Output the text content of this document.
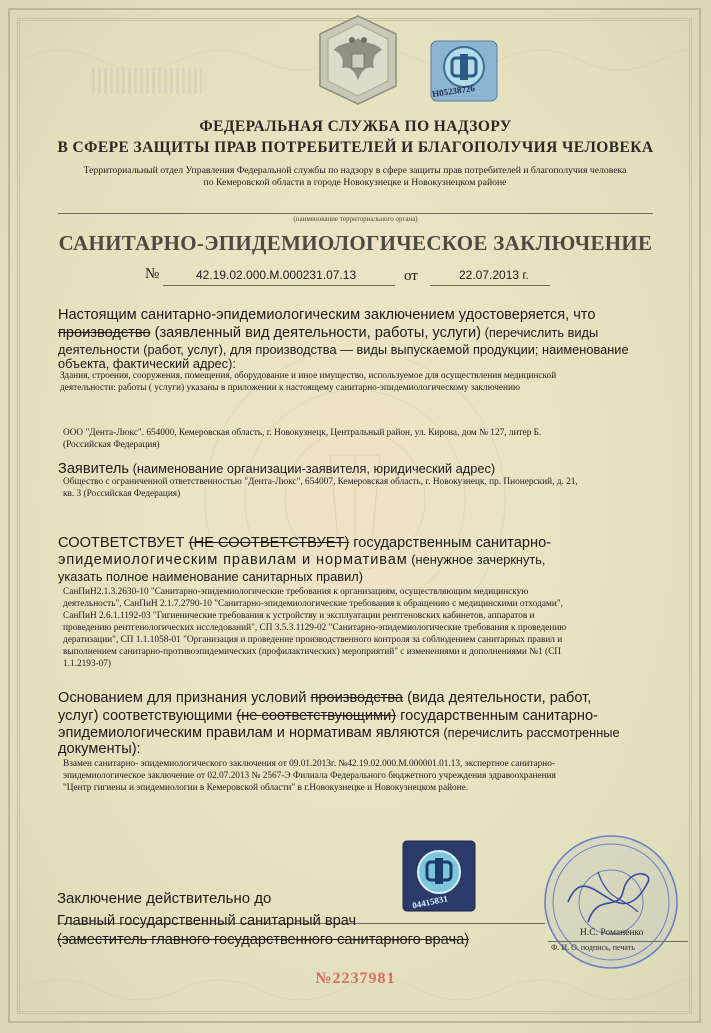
H05238726
ФЕДЕРАЛЬНАЯ СЛУЖБА ПО НАДЗОРУ
В СФЕРЕ ЗАЩИТЫ ПРАВ ПОТРЕБИТЕЛЕЙ И БЛАГОПОЛУЧИЯ ЧЕЛОВЕКА
Территориальный отдел Управления Федеральной службы по надзору в сфере защиты прав потребителей и благополучия человека
по Кемеровской области в городе Новокузнецке и Новокузнецком районе
(наименование территориального органа)
САНИТАРНО-ЭПИДЕМИОЛОГИЧЕСКОЕ ЗАКЛЮЧЕНИЕ
№	42.19.02.000.М.000231.07.13	от	22.07.2013 г.
Настоящим санитарно-эпидемиологическим заключением удостоверяется, что
производство (заявленный вид деятельности, работы, услуги) (перечислить виды
деятельности (работ, услуг), для производства — виды выпускаемой продукции; наименование
объекта, фактический адрес):
Здания, строения, сооружения, помещения, оборудование и иное имущество, используемое для осуществления медицинской
деятельности: работы ( услуги) указаны в приложении к настоящему санитарно-эпидемиологическому заключению
ООО "Дента-Люкс". 654000, Кемеровская область, г. Новокузнецк, Центральный район, ул. Кирова, дом № 127, литер Б.
(Российская Федерация)
Заявитель (наименование организации-заявителя, юридический адрес)
Общество с ограниченной ответственностью "Дента-Люкс", 654007, Кемеровская область, г. Новокузнецк, пр. Пионерский, д. 21,
кв. 3 (Российская Федерация)
СООТВЕТСТВУЕТ (НЕ СООТВЕТСТВУЕТ) государственным санитарно-
эпидемиологическим правилам и нормативам (ненужное зачеркнуть,
указать полное наименование санитарных правил)
СанПиН2.1.3.2630-10 "Санитарно-эпидемиологические требования к организациям, осуществляющим медицинскую
деятельность", СанПиН 2.1.7.2790-10 "Санитарно-эпидемиологические требования к обращению с медицинскими отходами",
СанПиН 2.6.1.1192-03 "Гигиенические требования к устройству и эксплуатации рентгеновских кабинетов, аппаратов и
проведению рентгенологических исследований", СП 3.5.3.1129-02 "Санитарно-эпидемиологические требования к проведению
дератизации", СП 1.1.1058-01 "Организация и проведение производственного контроля за соблюдением санитарных правил и
выполнением санитарно-противоэпидемических (профилактических) мероприятий" с изменениями и дополнениями №1 (СП
1.1.2193-07)
Основанием для признания условий производства (вида деятельности, работ,
услуг) соответствующими (не соответствующими) государственным санитарно-
эпидемиологическим правилам и нормативам являются (перечислить рассмотренные
документы):
Взамен санитарно- эпидемиологического заключения от 09.01.2013г. №42.19.02.000.М.000001.01.13, экспертное санитарно-
эпидемиологическое заключение от 02.07.2013 № 2567-Э Филиала Федерального бюджетного учреждения здравоохранения
"Центр гигиены и эпидемиологии в Кемеровской области" в г.Новокузнецке и Новокузнецком районе.
04415831
Н.С. Романенко
Ф. И. О. подпись, печать
Заключение действительно до
Главный государственный санитарный врач
(заместитель главного государственного санитарного врача)
№2237981
